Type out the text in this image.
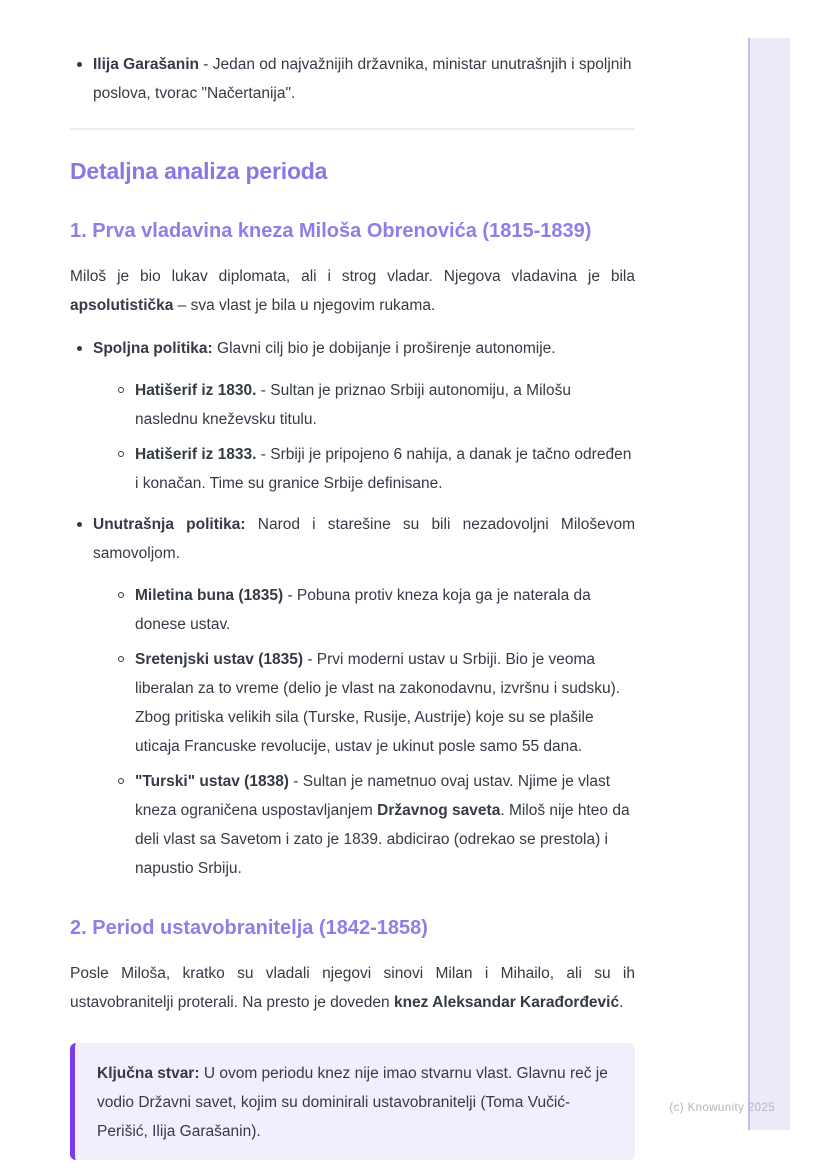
Ilija Garašanin - Jedan od najvažnijih državnika, ministar unutrašnjih i spoljnih poslova, tvorac "Načertanija".
Detaljna analiza perioda
1. Prva vladavina kneza Miloša Obrenovića (1815-1839)

Miloš je bio lukav diplomata, ali i strog vladar. Njegova vladavina je bila apsolutistička – sva vlast je bila u njegovim rukama.

Spoljna politika: Glavni cilj bio je dobijanje i proširenje autonomije.
Hatišerif iz 1830. - Sultan je priznao Srbiji autonomiju, a Milošu naslednu kneževsku titulu.
Hatišerif iz 1833. - Srbiji je pripojeno 6 nahija, a danak je tačno određen i konačan. Time su granice Srbije definisane.
Unutrašnja politika: Narod i starešine su bili nezadovoljni Miloševom samovoljom.
Miletina buna (1835) - Pobuna protiv kneza koja ga je naterala da donese ustav.
Sretenjski ustav (1835) - Prvi moderni ustav u Srbiji. Bio je veoma liberalan za to vreme (delio je vlast na zakonodavnu, izvršnu i sudsku). Zbog pritiska velikih sila (Turske, Rusije, Austrije) koje su se plašile uticaja Francuske revolucije, ustav je ukinut posle samo 55 dana.
"Turski" ustav (1838) - Sultan je nametnuo ovaj ustav. Njime je vlast kneza ograničena uspostavljanjem Državnog saveta. Miloš nije hteo da deli vlast sa Savetom i zato je 1839. abdicirao (odrekao se prestola) i napustio Srbiju.
2. Period ustavobranitelja (1842-1858)

Posle Miloša, kratko su vladali njegovi sinovi Milan i Mihailo, ali su ih ustavobranitelji proterali. Na presto je doveden knez Aleksandar Karađorđević.

Ključna stvar: U ovom periodu knez nije imao stvarnu vlast. Glavnu reč je vodio Državni savet, kojim su dominirali ustavobranitelji (Toma Vučić-Perišić, Ilija Garašanin).
(c) Knowunity 2025
